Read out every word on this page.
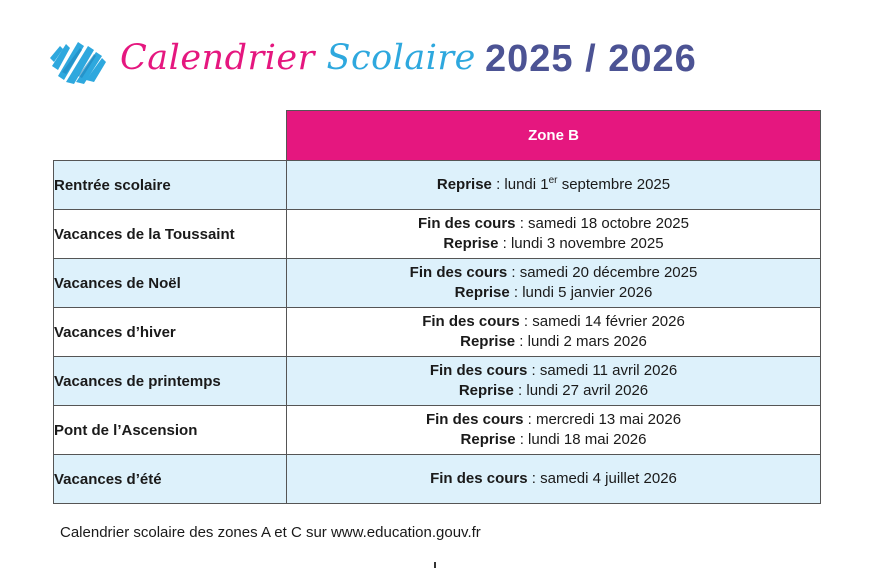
Calendrier Scolaire 2025 / 2026
	Zone B
Rentrée scolaire	Reprise : lundi 1er septembre 2025
Vacances de la Toussaint	Fin des cours : samedi 18 octobre 2025
Reprise : lundi 3 novembre 2025

Vacances de Noël	Fin des cours : samedi 20 décembre 2025
Reprise : lundi 5 janvier 2026

Vacances d’hiver	Fin des cours : samedi 14 février 2026
Reprise : lundi 2 mars 2026

Vacances de printemps	Fin des cours : samedi 11 avril 2026
Reprise : lundi 27 avril 2026

Pont de l’Ascension	Fin des cours : mercredi 13 mai 2026
Reprise : lundi 18 mai 2026

Vacances d’été	Fin des cours : samedi 4 juillet 2026
Calendrier scolaire des zones A et C sur www.education.gouv.fr
